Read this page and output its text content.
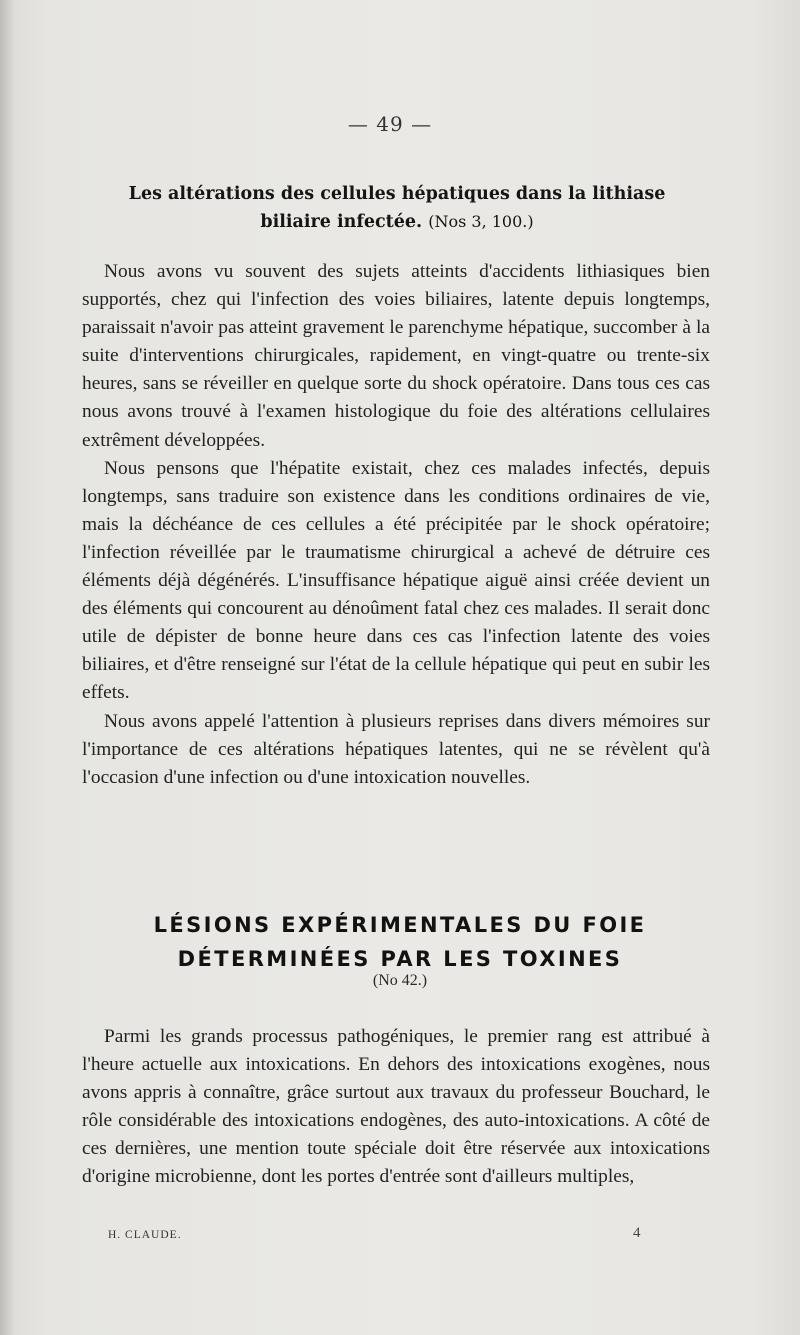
— 49 —
Les altérations des cellules hépatiques dans la lithiase
biliaire infectée. (Nos 3, 100.)

Nous avons vu souvent des sujets atteints d'accidents lithiasiques bien supportés, chez qui l'infection des voies biliaires, latente depuis longtemps, paraissait n'avoir pas atteint gravement le parenchyme hépatique, succomber à la suite d'interventions chirurgicales, rapidement, en vingt-quatre ou trente-six heures, sans se réveiller en quelque sorte du shock opératoire. Dans tous ces cas nous avons trouvé à l'examen histologique du foie des altérations cellulaires extrêment développées.

Nous pensons que l'hépatite existait, chez ces malades infectés, depuis longtemps, sans traduire son existence dans les conditions ordinaires de vie, mais la déchéance de ces cellules a été précipitée par le shock opératoire; l'infection réveillée par le traumatisme chirurgical a achevé de détruire ces éléments déjà dégénérés. L'insuffisance hépatique aiguë ainsi créée devient un des éléments qui concourent au dénoûment fatal chez ces malades. Il serait donc utile de dépister de bonne heure dans ces cas l'infection latente des voies biliaires, et d'être renseigné sur l'état de la cellule hépatique qui peut en subir les effets.

Nous avons appelé l'attention à plusieurs reprises dans divers mémoires sur l'importance de ces altérations hépatiques latentes, qui ne se révèlent qu'à l'occasion d'une infection ou d'une intoxication nouvelles.

LÉSIONS EXPÉRIMENTALES DU FOIE
DÉTERMINÉES PAR LES TOXINES
(No 42.)

Parmi les grands processus pathogéniques, le premier rang est attribué à l'heure actuelle aux intoxications. En dehors des intoxications exogènes, nous avons appris à connaître, grâce surtout aux travaux du professeur Bouchard, le rôle considérable des intoxications endogènes, des auto-intoxications. A côté de ces dernières, une mention toute spéciale doit être réservée aux intoxications d'origine microbienne, dont les portes d'entrée sont d'ailleurs multiples,

H. CLAUDE.	4
